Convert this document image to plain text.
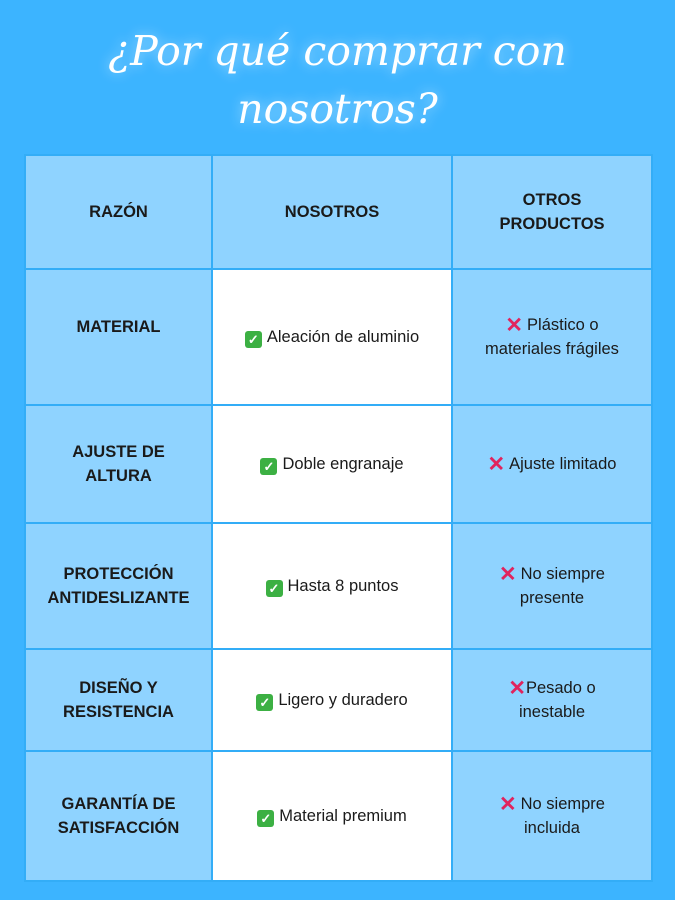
¿Por qué comprar con
nosotros?
RAZÓN	NOSOTROS	OTROS
PRODUCTOS
MATERIAL	✓ Aleación de aluminio	✕ Plástico o
materiales frágiles
AJUSTE DE
ALTURA	✓ Doble engranaje	✕ Ajuste limitado
PROTECCIÓN
ANTIDESLIZANTE	✓ Hasta 8 puntos	✕ No siempre
presente
DISEÑO Y
RESISTENCIA	✓ Ligero y duradero	✕Pesado o
inestable
GARANTÍA DE
SATISFACCIÓN	✓ Material premium	✕ No siempre
incluida
